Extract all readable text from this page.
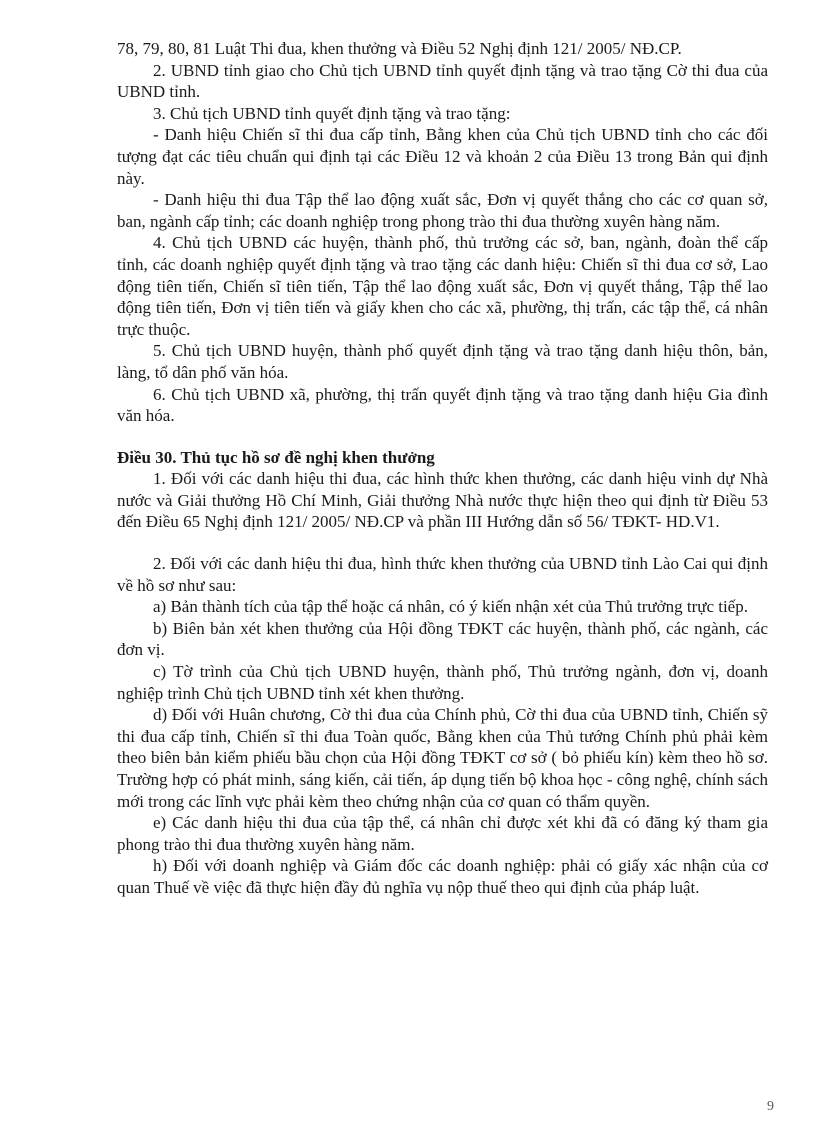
78, 79, 80, 81 Luật Thi đua, khen thưởng và Điều 52 Nghị định 121/ 2005/ NĐ.CP.

2. UBND tỉnh giao cho Chủ tịch UBND tỉnh quyết định tặng và trao tặng Cờ thi đua của UBND tỉnh.

3. Chủ tịch UBND tỉnh quyết định tặng và trao tặng:

- Danh hiệu Chiến sĩ thi đua cấp tỉnh, Bằng khen của Chủ tịch UBND tỉnh cho các đối tượng đạt các tiêu chuẩn qui định tại các Điều 12 và khoản 2 của Điều 13 trong Bản qui định này.

- Danh hiệu thi đua Tập thể lao động xuất sắc, Đơn vị quyết thắng cho các cơ quan sở, ban, ngành cấp tỉnh; các doanh nghiệp trong phong trào thi đua thường xuyên hàng năm.

4. Chủ tịch UBND các huyện, thành phố, thủ trưởng các sở, ban, ngành, đoàn thể cấp tỉnh, các doanh nghiệp quyết định tặng và trao tặng các danh hiệu: Chiến sĩ thi đua cơ sở, Lao động tiên tiến, Chiến sĩ tiên tiến, Tập thể lao động xuất sắc, Đơn vị quyết thắng, Tập thể lao động tiên tiến, Đơn vị tiên tiến và giấy khen cho các xã, phường, thị trấn, các tập thể, cá nhân trực thuộc.

5. Chủ tịch UBND huyện, thành phố quyết định tặng và trao tặng danh hiệu thôn, bản, làng, tổ dân phố văn hóa.

6. Chủ tịch UBND xã, phường, thị trấn quyết định tặng và trao tặng danh hiệu Gia đình văn hóa.

Điều 30. Thủ tục hồ sơ đề nghị khen thưởng

1. Đối với các danh hiệu thi đua, các hình thức khen thưởng, các danh hiệu vinh dự Nhà nước và Giải thưởng Hồ Chí Minh, Giải thưởng Nhà nước thực hiện theo qui định từ Điều 53 đến Điều 65 Nghị định 121/ 2005/ NĐ.CP và phần III Hướng dẫn số 56/ TĐKT- HD.V1.

2. Đối với các danh hiệu thi đua, hình thức khen thưởng của UBND tỉnh Lào Cai qui định về hồ sơ như sau:

a) Bản thành tích của tập thể hoặc cá nhân, có ý kiến nhận xét của Thủ trưởng trực tiếp.

b) Biên bản xét khen thưởng của Hội đồng TĐKT các huyện, thành phố, các ngành, các đơn vị.

c) Tờ trình của Chủ tịch UBND huyện, thành phố, Thủ trưởng ngành, đơn vị, doanh nghiệp trình Chủ tịch UBND tỉnh xét khen thưởng.

d) Đối với Huân chương, Cờ thi đua của Chính phủ, Cờ thi đua của UBND tỉnh, Chiến sỹ thi đua cấp tỉnh, Chiến sĩ thi đua Toàn quốc, Bằng khen của Thủ tướng Chính phủ phải kèm theo biên bản kiểm phiếu bầu chọn của Hội đồng TĐKT cơ sở ( bỏ phiếu kín) kèm theo hồ sơ. Trường hợp có phát minh, sáng kiến, cải tiến, áp dụng tiến bộ khoa học - công nghệ, chính sách mới trong các lĩnh vực phải kèm theo chứng nhận của cơ quan có thẩm quyền.

e) Các danh hiệu thi đua của tập thể, cá nhân chỉ được xét khi đã có đăng ký tham gia phong trào thi đua thường xuyên hàng năm.

h) Đối với doanh nghiệp và Giám đốc các doanh nghiệp: phải có giấy xác nhận của cơ quan Thuế về việc đã thực hiện đầy đủ nghĩa vụ nộp thuế theo qui định của pháp luật.

9
